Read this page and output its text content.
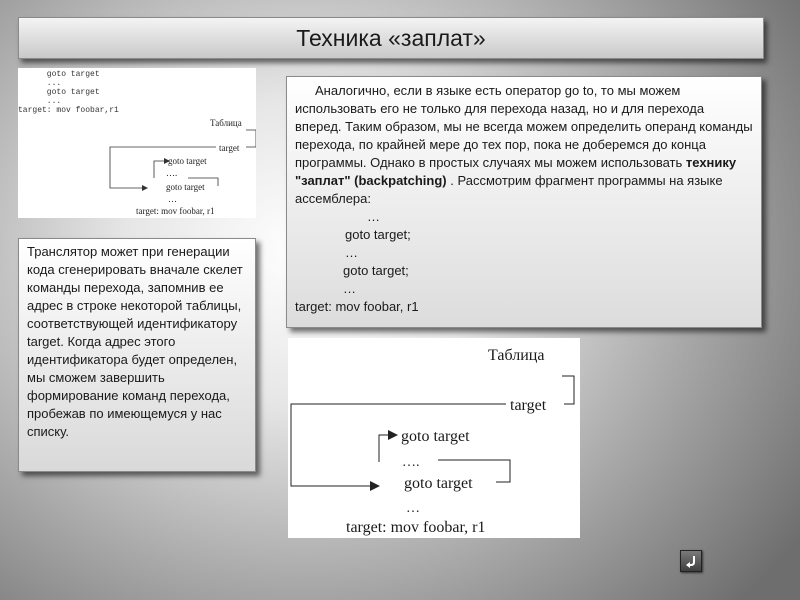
Техника «заплат»
goto target
...
goto target
...
target: mov foobar,r1
Таблица
target
goto target
….
goto target
…
target: mov foobar, r1

Аналогично, если в языке есть оператор go to, то мы можем использовать его не только для перехода назад, но и для перехода вперед. Таким образом, мы не всегда можем определить операнд команды перехода, по крайней мере до тех пор, пока не доберемся до конца программы. Однако в простых случаях мы можем использовать технику "заплат" (backpatching) . Рассмотрим фрагмент программы на языке ассемблера:

…
goto target;
…
goto target;
…
target: mov foobar, r1
Транслятор может при генерации кода сгенерировать вначале скелет команды перехода, запомнив ее адрес в строке некоторой таблицы, соответствующей идентификатору target. Когда адрес этого идентификатора будет определен, мы сможем завершить формирование команд перехода, пробежав по имеющемуся у нас списку.
Таблица
target
goto target
….
goto target
…
target: mov foobar, r1
